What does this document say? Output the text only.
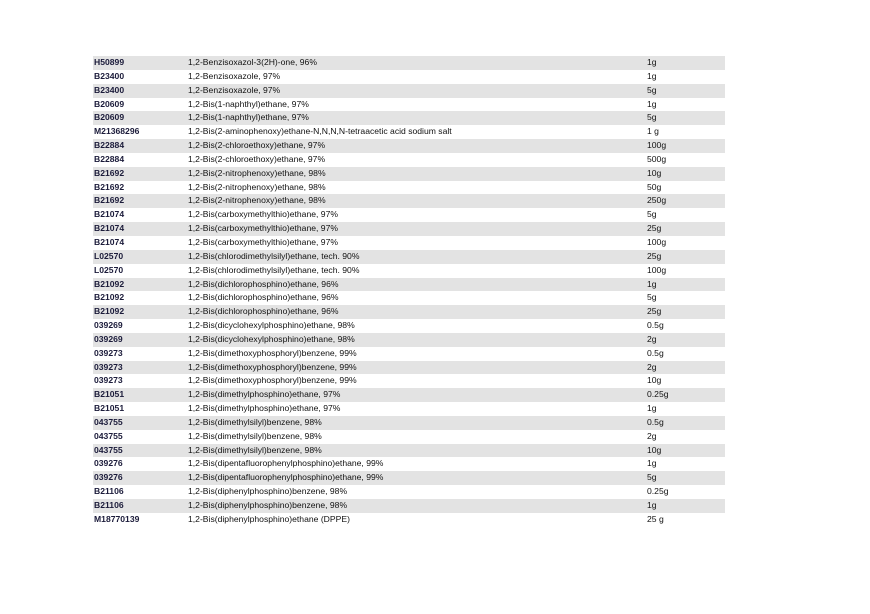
H50899	1,2-Benzisoxazol-3(2H)-one, 96%	1g
B23400	1,2-Benzisoxazole, 97%	1g
B23400	1,2-Benzisoxazole, 97%	5g
B20609	1,2-Bis(1-naphthyl)ethane, 97%	1g
B20609	1,2-Bis(1-naphthyl)ethane, 97%	5g
M21368296	1,2-Bis(2-aminophenoxy)ethane-N,N,N,N-tetraacetic acid sodium salt	1 g
B22884	1,2-Bis(2-chloroethoxy)ethane, 97%	100g
B22884	1,2-Bis(2-chloroethoxy)ethane, 97%	500g
B21692	1,2-Bis(2-nitrophenoxy)ethane, 98%	10g
B21692	1,2-Bis(2-nitrophenoxy)ethane, 98%	50g
B21692	1,2-Bis(2-nitrophenoxy)ethane, 98%	250g
B21074	1,2-Bis(carboxymethylthio)ethane, 97%	5g
B21074	1,2-Bis(carboxymethylthio)ethane, 97%	25g
B21074	1,2-Bis(carboxymethylthio)ethane, 97%	100g
L02570	1,2-Bis(chlorodimethylsilyl)ethane, tech. 90%	25g
L02570	1,2-Bis(chlorodimethylsilyl)ethane, tech. 90%	100g
B21092	1,2-Bis(dichlorophosphino)ethane, 96%	1g
B21092	1,2-Bis(dichlorophosphino)ethane, 96%	5g
B21092	1,2-Bis(dichlorophosphino)ethane, 96%	25g
039269	1,2-Bis(dicyclohexylphosphino)ethane, 98%	0.5g
039269	1,2-Bis(dicyclohexylphosphino)ethane, 98%	2g
039273	1,2-Bis(dimethoxyphosphoryl)benzene, 99%	0.5g
039273	1,2-Bis(dimethoxyphosphoryl)benzene, 99%	2g
039273	1,2-Bis(dimethoxyphosphoryl)benzene, 99%	10g
B21051	1,2-Bis(dimethylphosphino)ethane, 97%	0.25g
B21051	1,2-Bis(dimethylphosphino)ethane, 97%	1g
043755	1,2-Bis(dimethylsilyl)benzene, 98%	0.5g
043755	1,2-Bis(dimethylsilyl)benzene, 98%	2g
043755	1,2-Bis(dimethylsilyl)benzene, 98%	10g
039276	1,2-Bis(dipentafluorophenylphosphino)ethane, 99%	1g
039276	1,2-Bis(dipentafluorophenylphosphino)ethane, 99%	5g
B21106	1,2-Bis(diphenylphosphino)benzene, 98%	0.25g
B21106	1,2-Bis(diphenylphosphino)benzene, 98%	1g
M18770139	1,2-Bis(diphenylphosphino)ethane (DPPE)	25 g
